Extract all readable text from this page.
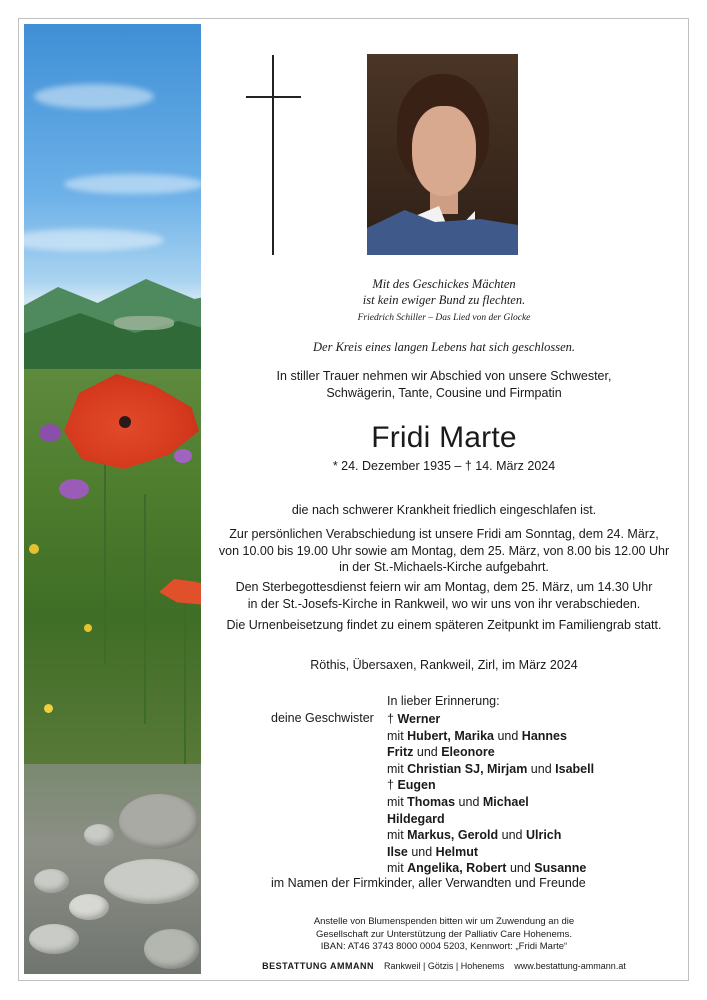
Mit des Geschickes Mächten
ist kein ewiger Bund zu flechten.
Friedrich Schiller – Das Lied von der Glocke
Der Kreis eines langen Lebens hat sich geschlossen.
In stiller Trauer nehmen wir Abschied von unsere Schwester,
Schwägerin, Tante, Cousine und Firmpatin
Fridi Marte
* 24. Dezember 1935 – † 14. März 2024
die nach schwerer Krankheit friedlich eingeschlafen ist.
Zur persönlichen Verabschiedung ist unsere Fridi am Sonntag, dem 24. März,
von 10.00 bis 19.00 Uhr sowie am Montag, dem 25. März, von 8.00 bis 12.00 Uhr
in der St.-Michaels-Kirche aufgebahrt.
Den Sterbegottesdienst feiern wir am Montag, dem 25. März, um 14.30 Uhr
in der St.-Josefs-Kirche in Rankweil, wo wir uns von ihr verabschieden.
Die Urnenbeisetzung findet zu einem späteren Zeitpunkt im Familiengrab statt.
Röthis, Übersaxen, Rankweil, Zirl, im März 2024
In lieber Erinnerung:
deine Geschwister † Werner
mit Hubert, Marika und Hannes
Fritz und Eleonore
mit Christian SJ, Mirjam und Isabell
† Eugen
mit Thomas und Michael
Hildegard
mit Markus, Gerold und Ulrich
Ilse und Helmut
mit Angelika, Robert und Susanne
im Namen der Firmkinder, aller Verwandten und Freunde
Anstelle von Blumenspenden bitten wir um Zuwendung an die
Gesellschaft zur Unterstützung der Palliativ Care Hohenems.
IBAN: AT46 3743 8000 0004 5203, Kennwort: „Fridi Marte“
BESTATTUNG AMMANN Rankweil | Götzis | Hohenems www.bestattung-ammann.at
